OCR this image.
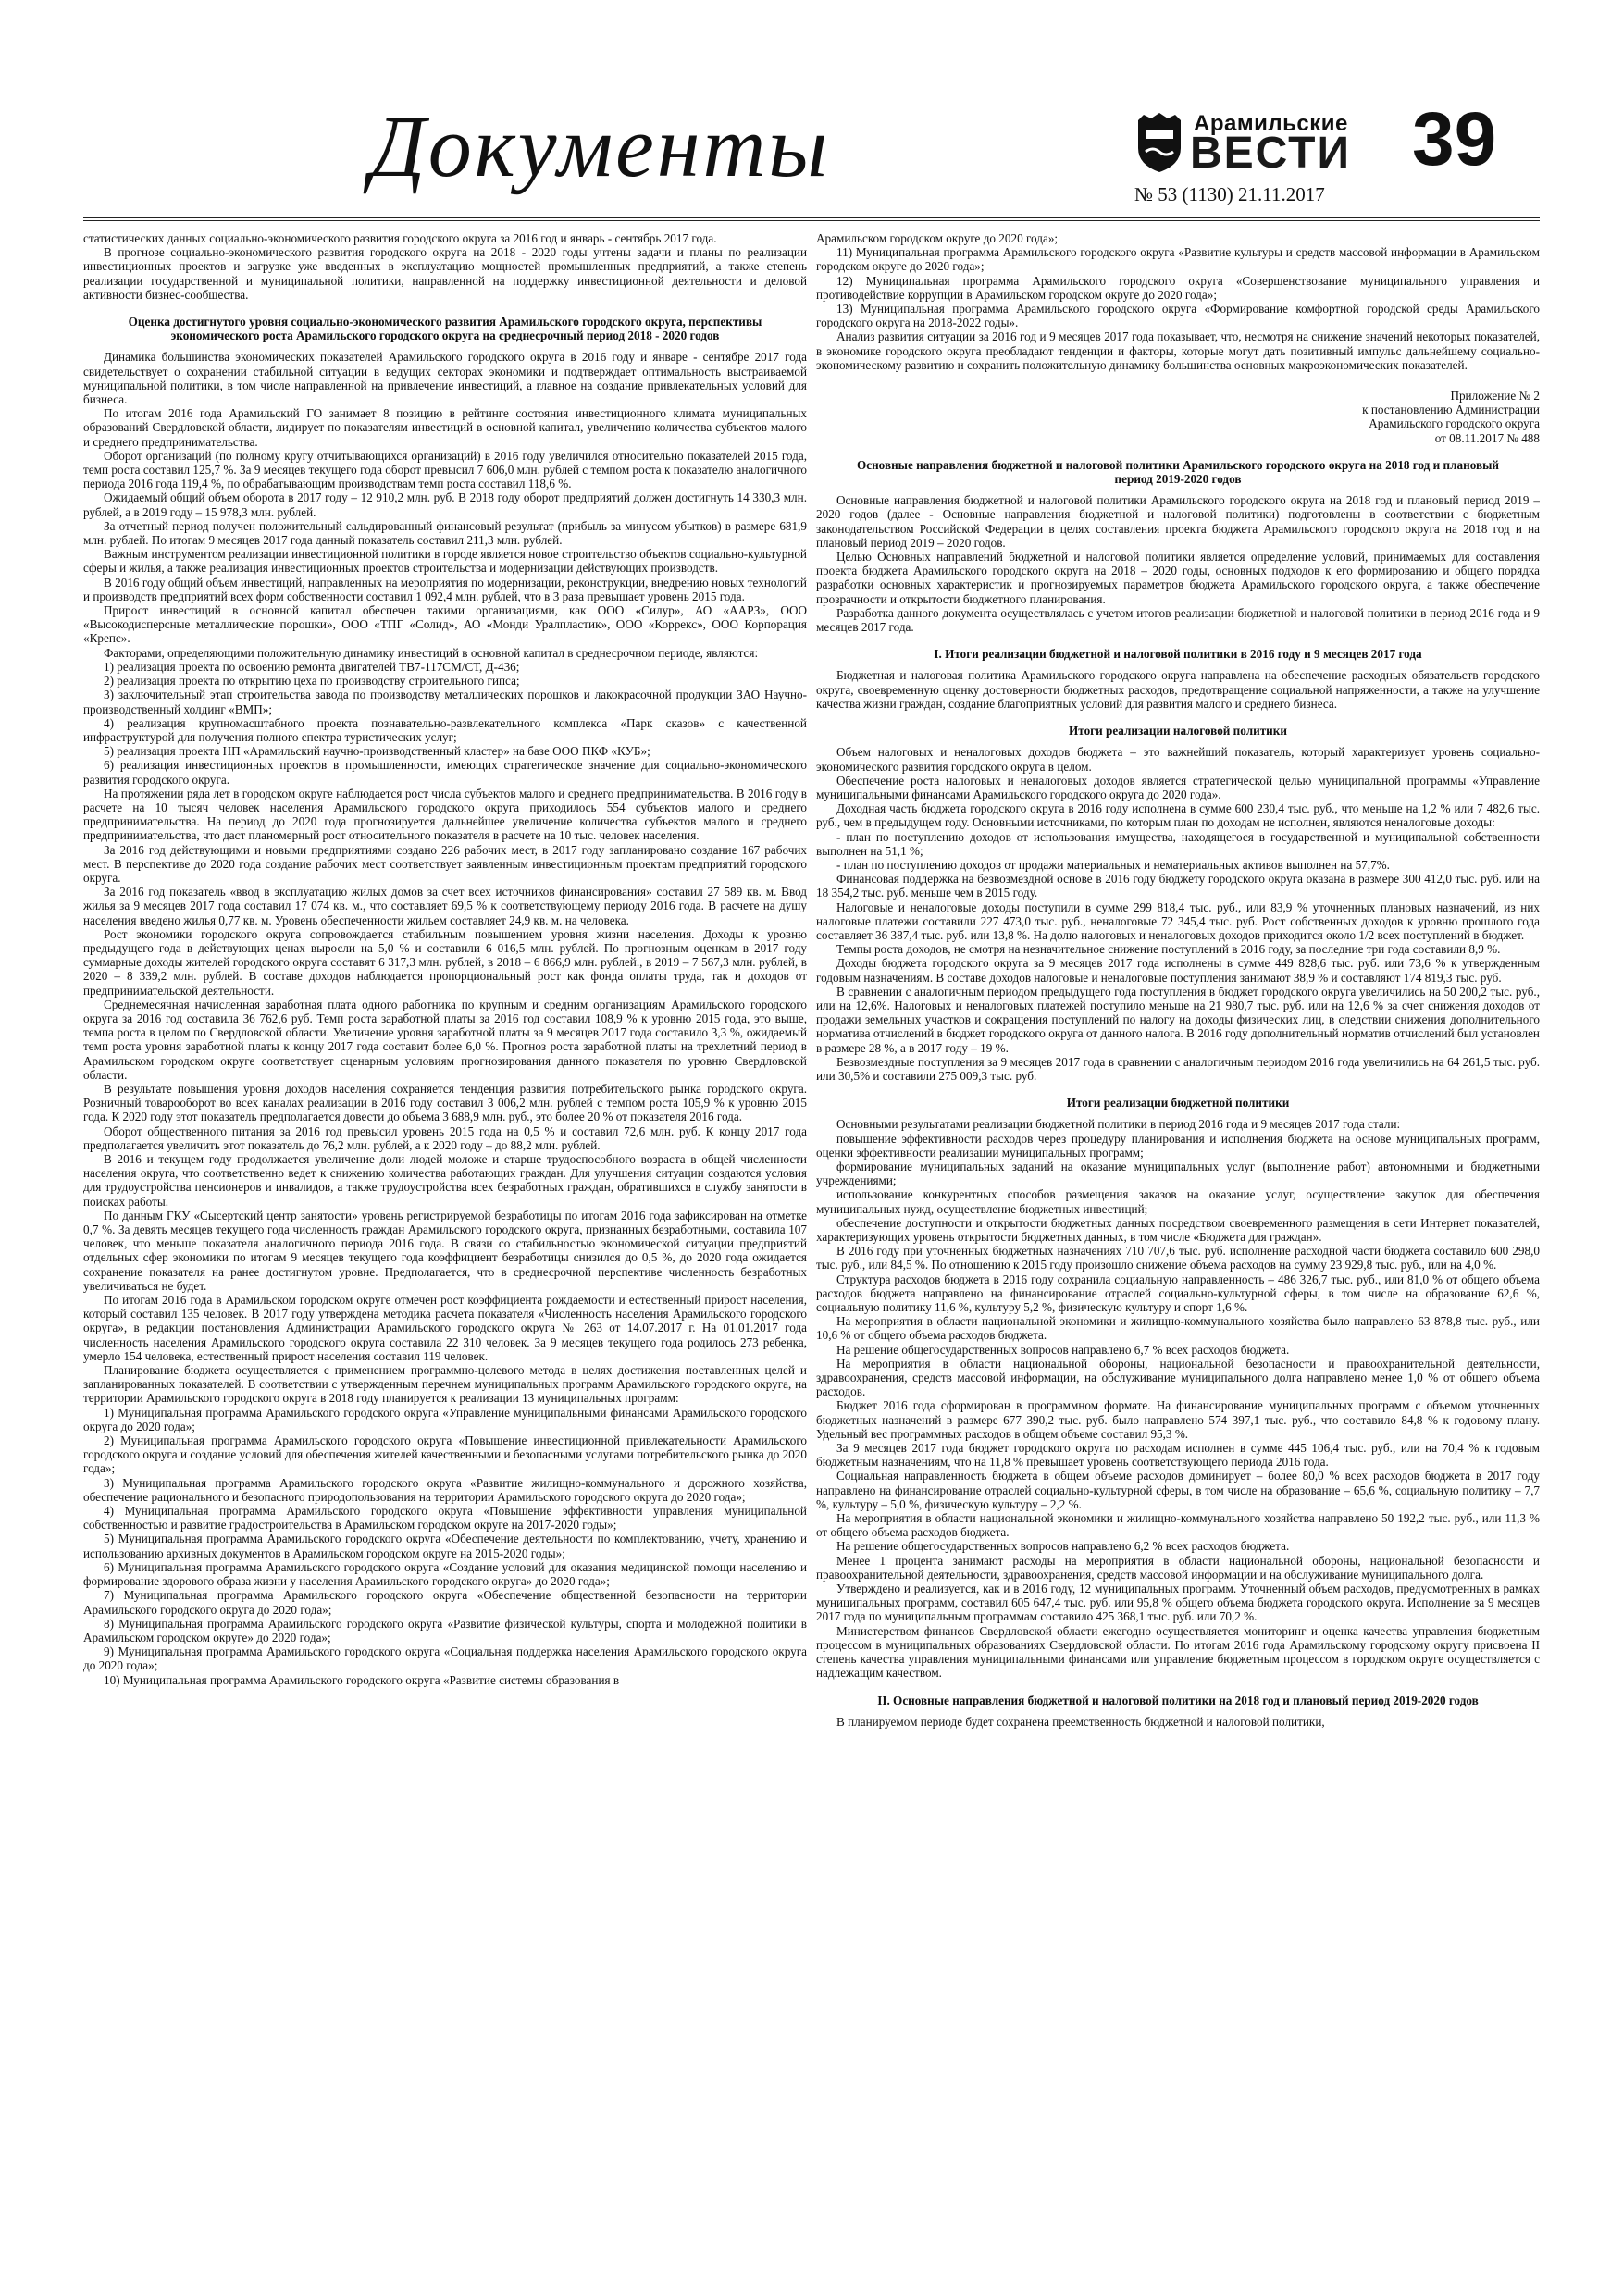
Документы	Арамильские
ВЕСТИ
№ 53 (1130) 21.11.2017
39

статистических данных социально-экономического развития городского округа за 2016 год и январь - сентябрь 2017 года.

В прогнозе социально-экономического развития городского округа на 2018 - 2020 годы учтены задачи и планы по реализации инвестиционных проектов и загрузке уже введенных в эксплуатацию мощностей промышленных предприятий, а также степень реализации государственной и муниципальной политики, направленной на поддержку инвестиционной деятельности и деловой активности бизнес-сообщества.

Оценка достигнутого уровня социально-экономического развития Арамильского городского округа, перспективы экономического роста Арамильского городского округа на среднесрочный период 2018 - 2020 годов

Динамика большинства экономических показателей Арамильского городского округа в 2016 году и январе - сентябре 2017 года свидетельствует о сохранении стабильной ситуации в ведущих секторах экономики и подтверждает оптимальность выстраиваемой муниципальной политики, в том числе направленной на привлечение инвестиций, а главное на создание привлекательных условий для бизнеса.

По итогам 2016 года Арамильский ГО занимает 8 позицию в рейтинге состояния инвестиционного климата муниципальных образований Свердловской области, лидирует по показателям инвестиций в основной капитал, увеличению количества субъектов малого и среднего предпринимательства.

Оборот организаций (по полному кругу отчитывающихся организаций) в 2016 году увеличился относительно показателей 2015 года, темп роста составил 125,7 %. За 9 месяцев текущего года оборот превысил 7 606,0 млн. рублей с темпом роста к показателю аналогичного периода 2016 года 119,4 %, по обрабатывающим производствам темп роста составил 118,6 %.

Ожидаемый общий объем оборота в 2017 году – 12 910,2 млн. руб. В 2018 году оборот предприятий должен достигнуть 14 330,3 млн. рублей, а в 2019 году – 15 978,3 млн. рублей.

За отчетный период получен положительный сальдированный финансовый результат (прибыль за минусом убытков) в размере 681,9 млн. рублей. По итогам 9 месяцев 2017 года данный показатель составил 211,3 млн. рублей.

Важным инструментом реализации инвестиционной политики в городе является новое строительство объектов социально-культурной сферы и жилья, а также реализация инвестиционных проектов строительства и модернизации действующих производств.

В 2016 году общий объем инвестиций, направленных на мероприятия по модернизации, реконструкции, внедрению новых технологий и производств предприятий всех форм собственности составил 1 092,4 млн. рублей, что в 3 раза превышает уровень 2015 года.

Прирост инвестиций в основной капитал обеспечен такими организациями, как ООО «Силур», АО «ААРЗ», ООО «Высокодисперсные металлические порошки», ООО «ТПГ «Солид», АО «Монди Уралпластик», ООО «Коррекс», ООО Корпорация «Крепс».

Факторами, определяющими положительную динамику инвестиций в основной капитал в среднесрочном периоде, являются:

1) реализация проекта по освоению ремонта двигателей ТВ7-117СМ/СТ, Д-436;

2) реализация проекта по открытию цеха по производству строительного гипса;

3) заключительный этап строительства завода по производству металлических порошков и лакокрасочной продукции ЗАО Научно-производственный холдинг «ВМП»;

4) реализация крупномасштабного проекта познавательно-развлекательного комплекса «Парк сказов» с качественной инфраструктурой для получения полного спектра туристических услуг;

5) реализация проекта НП «Арамильский научно-производственный кластер» на базе ООО ПКФ «КУБ»;

6) реализация инвестиционных проектов в промышленности, имеющих стратегическое значение для социально-экономического развития городского округа.

На протяжении ряда лет в городском округе наблюдается рост числа субъектов малого и среднего предпринимательства. В 2016 году в расчете на 10 тысяч человек населения Арамильского городского округа приходилось 554 субъектов малого и среднего предпринимательства. На период до 2020 года прогнозируется дальнейшее увеличение количества субъектов малого и среднего предпринимательства, что даст планомерный рост относительного показателя в расчете на 10 тыс. человек населения.

За 2016 год действующими и новыми предприятиями создано 226 рабочих мест, в 2017 году запланировано создание 167 рабочих мест. В перспективе до 2020 года создание рабочих мест соответствует заявленным инвестиционным проектам предприятий городского округа.

За 2016 год показатель «ввод в эксплуатацию жилых домов за счет всех источников финансирования» составил 27 589 кв. м. Ввод жилья за 9 месяцев 2017 года составил 17 074 кв. м., что составляет 69,5 % к соответствующему периоду 2016 года. В расчете на душу населения введено жилья 0,77 кв. м. Уровень обеспеченности жильем составляет 24,9 кв. м. на человека.

Рост экономики городского округа сопровождается стабильным повышением уровня жизни населения. Доходы к уровню предыдущего года в действующих ценах выросли на 5,0 % и составили 6 016,5 млн. рублей. По прогнозным оценкам в 2017 году суммарные доходы жителей городского округа составят 6 317,3 млн. рублей, в 2018 – 6 866,9 млн. рублей., в 2019 – 7 567,3 млн. рублей, в 2020 – 8 339,2 млн. рублей. В составе доходов наблюдается пропорциональный рост как фонда оплаты труда, так и доходов от предпринимательской деятельности.

Среднемесячная начисленная заработная плата одного работника по крупным и средним организациям Арамильского городского округа за 2016 год составила 36 762,6 руб. Темп роста заработной платы за 2016 год составил 108,9 % к уровню 2015 года, это выше, темпа роста в целом по Свердловской области. Увеличение уровня заработной платы за 9 месяцев 2017 года составило 3,3 %, ожидаемый темп роста уровня заработной платы к концу 2017 года составит более 6,0 %. Прогноз роста заработной платы на трехлетний период в Арамильском городском округе соответствует сценарным условиям прогнозирования данного показателя по уровню Свердловской области.

В результате повышения уровня доходов населения сохраняется тенденция развития потребительского рынка городского округа. Розничный товарооборот во всех каналах реализации в 2016 году составил 3 006,2 млн. рублей с темпом роста 105,9 % к уровню 2015 года. К 2020 году этот показатель предполагается довести до объема 3 688,9 млн. руб., это более 20 % от показателя 2016 года.

Оборот общественного питания за 2016 год превысил уровень 2015 года на 0,5 % и составил 72,6 млн. руб. К концу 2017 года предполагается увеличить этот показатель до 76,2 млн. рублей, а к 2020 году – до 88,2 млн. рублей.

В 2016 и текущем году продолжается увеличение доли людей моложе и старше трудоспособного возраста в общей численности населения округа, что соответственно ведет к снижению количества работающих граждан. Для улучшения ситуации создаются условия для трудоустройства пенсионеров и инвалидов, а также трудоустройства всех безработных граждан, обратившихся в службу занятости в поисках работы.

По данным ГКУ «Сысертский центр занятости» уровень регистрируемой безработицы по итогам 2016 года зафиксирован на отметке 0,7 %. За девять месяцев текущего года численность граждан Арамильского городского округа, признанных безработными, составила 107 человек, что меньше показателя аналогичного периода 2016 года. В связи со стабильностью экономической ситуации предприятий отдельных сфер экономики по итогам 9 месяцев текущего года коэффициент безработицы снизился до 0,5 %, до 2020 года ожидается сохранение показателя на ранее достигнутом уровне. Предполагается, что в среднесрочной перспективе численность безработных увеличиваться не будет.

По итогам 2016 года в Арамильском городском округе отмечен рост коэффициента рождаемости и естественный прирост населения, который составил 135 человек. В 2017 году утверждена методика расчета показателя «Численность населения Арамильского городского округа», в редакции постановления Администрации Арамильского городского округа № 263 от 14.07.2017 г. На 01.01.2017 года численность населения Арамильского городского округа составила 22 310 человек. За 9 месяцев текущего года родилось 273 ребенка, умерло 154 человека, естественный прирост населения составил 119 человек.

Планирование бюджета осуществляется с применением программно-целевого метода в целях достижения поставленных целей и запланированных показателей. В соответствии с утвержденным перечнем муниципальных программ Арамильского городского округа, на территории Арамильского городского округа в 2018 году планируется к реализации 13 муниципальных программ:

1) Муниципальная программа Арамильского городского округа «Управление муниципальными финансами Арамильского городского округа до 2020 года»;

2) Муниципальная программа Арамильского городского округа «Повышение инвестиционной привлекательности Арамильского городского округа и создание условий для обеспечения жителей качественными и безопасными услугами потребительского рынка до 2020 года»;

3) Муниципальная программа Арамильского городского округа «Развитие жилищно-коммунального и дорожного хозяйства, обеспечение рационального и безопасного природопользования на территории Арамильского городского округа до 2020 года»;

4) Муниципальная программа Арамильского городского округа «Повышение эффективности управления муниципальной собственностью и развитие градостроительства в Арамильском городском округе на 2017-2020 годы»;

5) Муниципальная программа Арамильского городского округа «Обеспечение деятельности по комплектованию, учету, хранению и использованию архивных документов в Арамильском городском округе на 2015-2020 годы»;

6) Муниципальная программа Арамильского городского округа «Создание условий для оказания медицинской помощи населению и формирование здорового образа жизни у населения Арамильского городского округа» до 2020 года»;

7) Муниципальная программа Арамильского городского округа «Обеспечение общественной безопасности на территории Арамильского городского округа до 2020 года»;

8) Муниципальная программа Арамильского городского округа «Развитие физической культуры, спорта и молодежной политики в Арамильском городском округе» до 2020 года»;

9) Муниципальная программа Арамильского городского округа «Социальная поддержка населения Арамильского городского округа до 2020 года»;

10) Муниципальная программа Арамильского городского округа «Развитие системы образования в

Арамильском городском округе до 2020 года»;

11) Муниципальная программа Арамильского городского округа «Развитие культуры и средств массовой информации в Арамильском городском округе до 2020 года»;

12) Муниципальная программа Арамильского городского округа «Совершенствование муниципального управления и противодействие коррупции в Арамильском городском округе до 2020 года»;

13) Муниципальная программа Арамильского городского округа «Формирование комфортной городской среды Арамильского городского округа на 2018-2022 годы».

Анализ развития ситуации за 2016 год и 9 месяцев 2017 года показывает, что, несмотря на снижение значений некоторых показателей, в экономике городского округа преобладают тенденции и факторы, которые могут дать позитивный импульс дальнейшему социально-экономическому развитию и сохранить положительную динамику большинства основных макроэкономических показателей.

Приложение № 2
к постановлению Администрации
Арамильского городского округа
от 08.11.2017 № 488
Основные направления бюджетной и налоговой политики Арамильского городского округа на 2018 год и плановый период 2019-2020 годов

Основные направления бюджетной и налоговой политики Арамильского городского округа на 2018 год и плановый период 2019 – 2020 годов (далее - Основные направления бюджетной и налоговой политики) подготовлены в соответствии с бюджетным законодательством Российской Федерации в целях составления проекта бюджета Арамильского городского округа на 2018 год и на плановый период 2019 – 2020 годов.

Целью Основных направлений бюджетной и налоговой политики является определение условий, принимаемых для составления проекта бюджета Арамильского городского округа на 2018 – 2020 годы, основных подходов к его формированию и общего порядка разработки основных характеристик и прогнозируемых параметров бюджета Арамильского городского округа, а также обеспечение прозрачности и открытости бюджетного планирования.

Разработка данного документа осуществлялась с учетом итогов реализации бюджетной и налоговой политики в период 2016 года и 9 месяцев 2017 года.

I. Итоги реализации бюджетной и налоговой политики в 2016 году и 9 месяцев 2017 года

Бюджетная и налоговая политика Арамильского городского округа направлена на обеспечение расходных обязательств городского округа, своевременную оценку достоверности бюджетных расходов, предотвращение социальной напряженности, а также на улучшение качества жизни граждан, создание благоприятных условий для развития малого и среднего бизнеса.

Итоги реализации налоговой политики

Объем налоговых и неналоговых доходов бюджета – это важнейший показатель, который характеризует уровень социально-экономического развития городского округа в целом.

Обеспечение роста налоговых и неналоговых доходов является стратегической целью муниципальной программы «Управление муниципальными финансами Арамильского городского округа до 2020 года».

Доходная часть бюджета городского округа в 2016 году исполнена в сумме 600 230,4 тыс. руб., что меньше на 1,2 % или 7 482,6 тыс. руб., чем в предыдущем году. Основными источниками, по которым план по доходам не исполнен, являются неналоговые доходы:

- план по поступлению доходов от использования имущества, находящегося в государственной и муниципальной собственности выполнен на 51,1 %;

- план по поступлению доходов от продажи материальных и нематериальных активов выполнен на 57,7%.

Финансовая поддержка на безвозмездной основе в 2016 году бюджету городского округа оказана в размере 300 412,0 тыс. руб. или на 18 354,2 тыс. руб. меньше чем в 2015 году.

Налоговые и неналоговые доходы поступили в сумме 299 818,4 тыс. руб., или 83,9 % уточненных плановых назначений, из них налоговые платежи составили 227 473,0 тыс. руб., неналоговые 72 345,4 тыс. руб. Рост собственных доходов к уровню прошлого года составляет 36 387,4 тыс. руб. или 13,8 %. На долю налоговых и неналоговых доходов приходится около 1/2 всех поступлений в бюджет.

Темпы роста доходов, не смотря на незначительное снижение поступлений в 2016 году, за последние три года составили 8,9 %.

Доходы бюджета городского округа за 9 месяцев 2017 года исполнены в сумме 449 828,6 тыс. руб. или 73,6 % к утвержденным годовым назначениям. В составе доходов налоговые и неналоговые поступления занимают 38,9 % и составляют 174 819,3 тыс. руб.

В сравнении с аналогичным периодом предыдущего года поступления в бюджет городского округа увеличились на 50 200,2 тыс. руб., или на 12,6%. Налоговых и неналоговых платежей поступило меньше на 21 980,7 тыс. руб. или на 12,6 % за счет снижения доходов от продажи земельных участков и сокращения поступлений по налогу на доходы физических лиц, в следствии снижения дополнительного норматива отчислений в бюджет городского округа от данного налога. В 2016 году дополнительный норматив отчислений был установлен в размере 28 %, а в 2017 году – 19 %.

Безвозмездные поступления за 9 месяцев 2017 года в сравнении с аналогичным периодом 2016 года увеличились на 64 261,5 тыс. руб. или 30,5% и составили 275 009,3 тыс. руб.

Итоги реализации бюджетной политики

Основными результатами реализации бюджетной политики в период 2016 года и 9 месяцев 2017 года стали:

повышение эффективности расходов через процедуру планирования и исполнения бюджета на основе муниципальных программ, оценки эффективности реализации муниципальных программ;

формирование муниципальных заданий на оказание муниципальных услуг (выполнение работ) автономными и бюджетными учреждениями;

использование конкурентных способов размещения заказов на оказание услуг, осуществление закупок для обеспечения муниципальных нужд, осуществление бюджетных инвестиций;

обеспечение доступности и открытости бюджетных данных посредством своевременного размещения в сети Интернет показателей, характеризующих уровень открытости бюджетных данных, в том числе «Бюджета для граждан».

В 2016 году при уточненных бюджетных назначениях 710 707,6 тыс. руб. исполнение расходной части бюджета составило 600 298,0 тыс. руб., или 84,5 %. По отношению к 2015 году произошло снижение объема расходов на сумму 23 929,8 тыс. руб., или на 4,0 %.

Структура расходов бюджета в 2016 году сохранила социальную направленность – 486 326,7 тыс. руб., или 81,0 % от общего объема расходов бюджета направлено на финансирование отраслей социально-культурной сферы, в том числе на образование 62,6 %, социальную политику 11,6 %, культуру 5,2 %, физическую культуру и спорт 1,6 %.

На мероприятия в области национальной экономики и жилищно-коммунального хозяйства было направлено 63 878,8 тыс. руб., или 10,6 % от общего объема расходов бюджета.

На решение общегосударственных вопросов направлено 6,7 % всех расходов бюджета.

На мероприятия в области национальной обороны, национальной безопасности и правоохранительной деятельности, здравоохранения, средств массовой информации, на обслуживание муниципального долга направлено менее 1,0 % от общего объема расходов.

Бюджет 2016 года сформирован в программном формате. На финансирование муниципальных программ с объемом уточненных бюджетных назначений в размере 677 390,2 тыс. руб. было направлено 574 397,1 тыс. руб., что составило 84,8 % к годовому плану. Удельный вес программных расходов в общем объеме составил 95,3 %.

За 9 месяцев 2017 года бюджет городского округа по расходам исполнен в сумме 445 106,4 тыс. руб., или на 70,4 % к годовым бюджетным назначениям, что на 11,8 % превышает уровень соответствующего периода 2016 года.

Социальная направленность бюджета в общем объеме расходов доминирует – более 80,0 % всех расходов бюджета в 2017 году направлено на финансирование отраслей социально-культурной сферы, в том числе на образование – 65,6 %, социальную политику – 7,7 %, культуру – 5,0 %, физическую культуру – 2,2 %.

На мероприятия в области национальной экономики и жилищно-коммунального хозяйства направлено 50 192,2 тыс. руб., или 11,3 % от общего объема расходов бюджета.

На решение общегосударственных вопросов направлено 6,2 % всех расходов бюджета.

Менее 1 процента занимают расходы на мероприятия в области национальной обороны, национальной безопасности и правоохранительной деятельности, здравоохранения, средств массовой информации и на обслуживание муниципального долга.

Утверждено и реализуется, как и в 2016 году, 12 муниципальных программ. Уточненный объем расходов, предусмотренных в рамках муниципальных программ, составил 605 647,4 тыс. руб. или 95,8 % общего объема бюджета городского округа. Исполнение за 9 месяцев 2017 года по муниципальным программам составило 425 368,1 тыс. руб. или 70,2 %.

Министерством финансов Свердловской области ежегодно осуществляется мониторинг и оценка качества управления бюджетным процессом в муниципальных образованиях Свердловской области. По итогам 2016 года Арамильскому городскому округу присвоена II степень качества управления муниципальными финансами или управление бюджетным процессом в городском округе осуществляется с надлежащим качеством.

II. Основные направления бюджетной и налоговой политики на 2018 год и плановый период 2019-2020 годов

В планируемом периоде будет сохранена преемственность бюджетной и налоговой политики,
